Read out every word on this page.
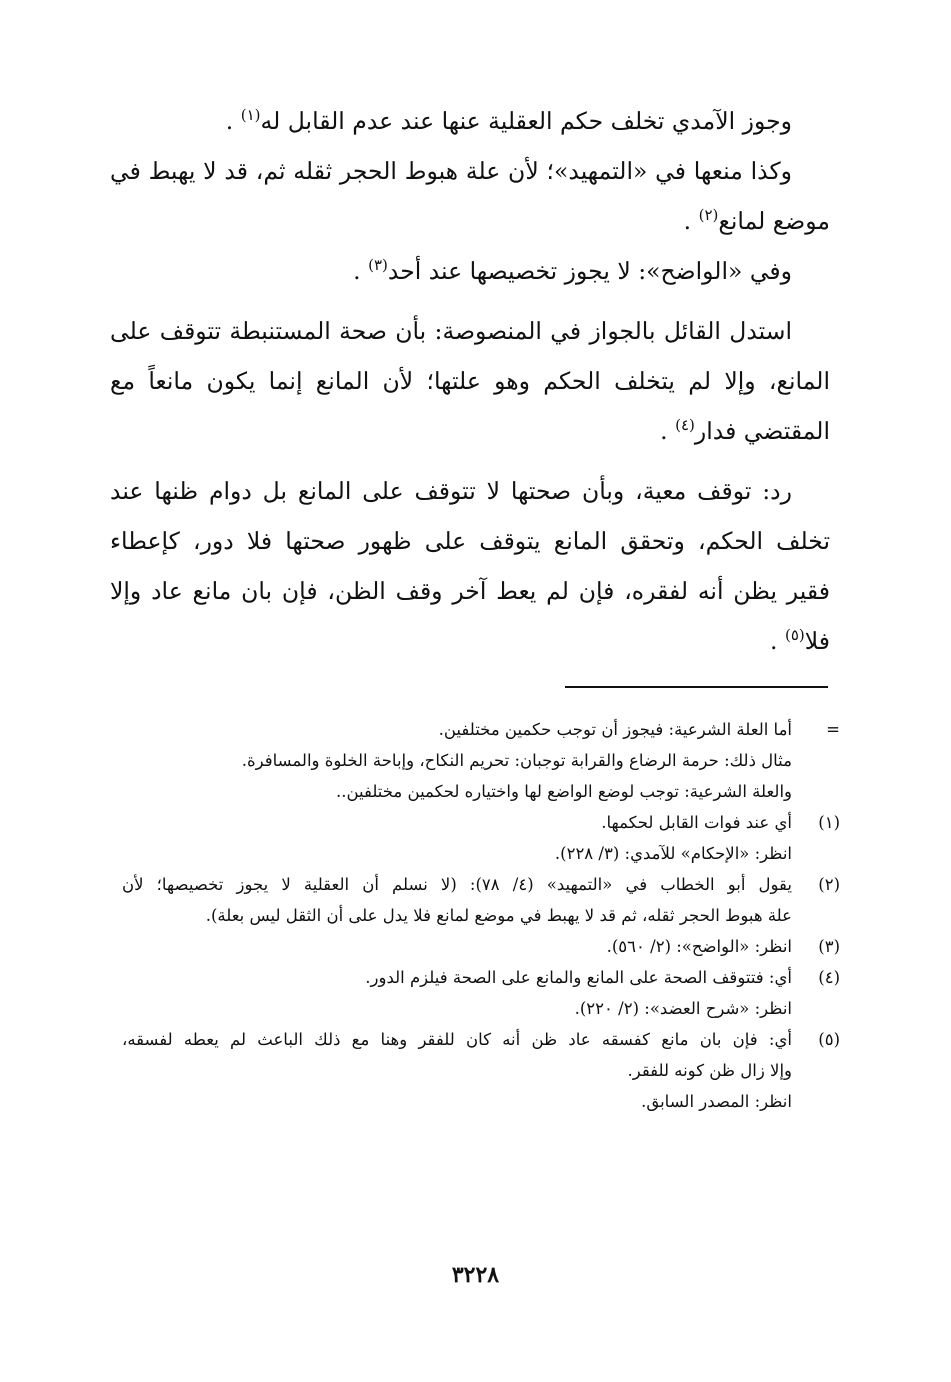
وجوز الآمدي تخلف حكم العقلية عنها عند عدم القابل له$^{(١)}$ .
وكذا منعها في «التمهيد»؛ لأن علة هبوط الحجر ثقله ثم، قد لا يهبط في
موضع لمانع$^{(٢)}$ .
وفي «الواضح»: لا يجوز تخصيصها عند أحد$^{(٣)}$ .
استدل القائل بالجواز في المنصوصة: بأن صحة المستنبطة تتوقف على
المانع، وإلا لم يتخلف الحكم وهو علتها؛ لأن المانع إنما يكون مانعاً مع
المقتضي فدار$^{(٤)}$ .
رد: توقف معية، وبأن صحتها لا تتوقف على المانع بل دوام ظنها عند
تخلف الحكم، وتحقق المانع يتوقف على ظهور صحتها فلا دور، كإعطاء
فقير يظن أنه لفقره، فإن لم يعط آخر وقف الظن، فإن بان مانع عاد وإلا
فلا$^{(٥)}$ .
=
أما العلة الشرعية: فيجوز أن توجب حكمين مختلفين.
مثال ذلك: حرمة الرضاع والقرابة توجبان: تحريم النكاح، وإباحة الخلوة والمسافرة.
والعلة الشرعية: توجب لوضع الواضع لها واختياره لحكمين مختلفين..
(١)
أي عند فوات القابل لحكمها.
انظر: «الإحكام» للآمدي: (٣/ ٢٢٨).
(٢)
يقول أبو الخطاب في «التمهيد» (٤/ ٧٨): (لا نسلم أن العقلية لا يجوز تخصيصها؛ لأن
علة هبوط الحجر ثقله، ثم قد لا يهبط في موضع لمانع فلا يدل على أن الثقل ليس بعلة).
(٣)
انظر: «الواضح»: (٢/ ٥٦٠).
(٤)
أي: فتتوقف الصحة على المانع والمانع على الصحة فيلزم الدور.
انظر: «شرح العضد»: (٢/ ٢٢٠).
(٥)
أي: فإن بان مانع كفسقه عاد ظن أنه كان للفقر وهنا مع ذلك الباعث لم يعطه لفسقه،
وإلا زال ظن كونه للفقر.
انظر: المصدر السابق.
٣٢٢٨
